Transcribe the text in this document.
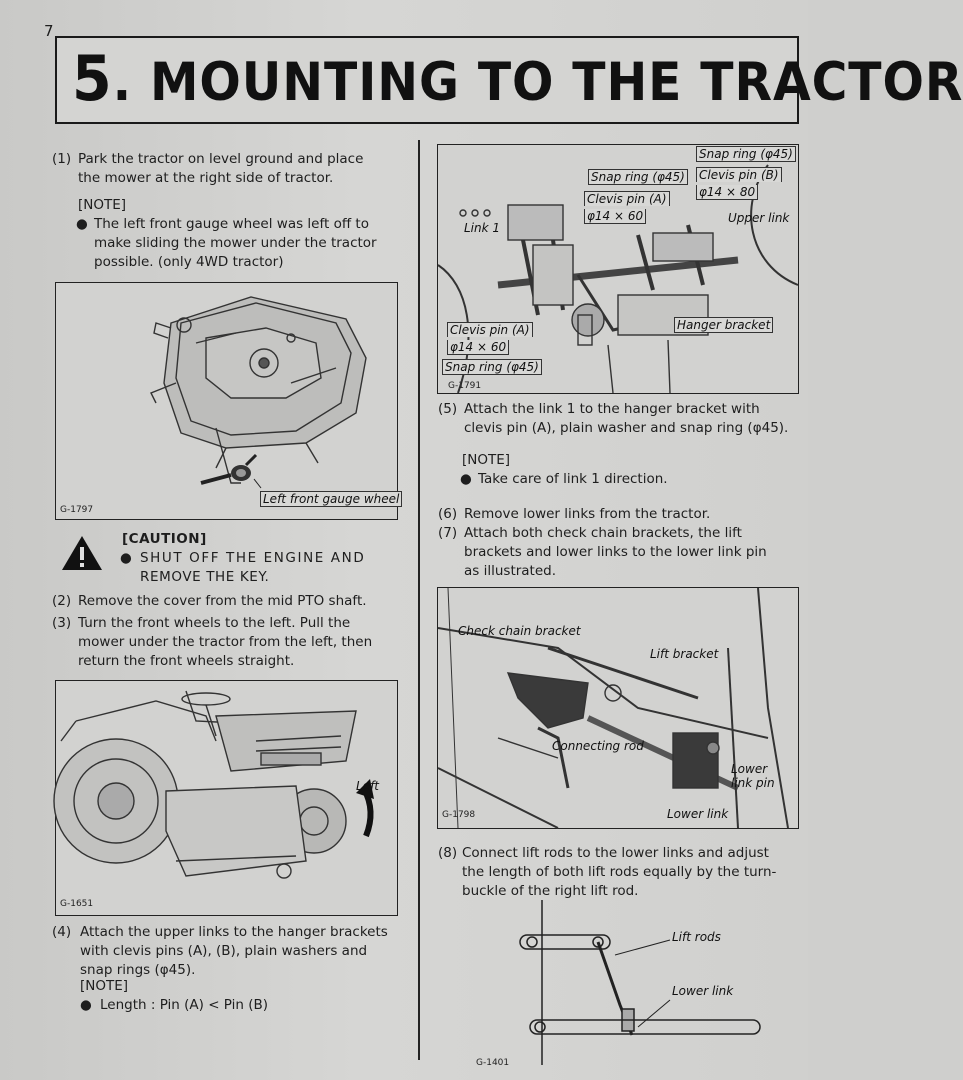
7
5. MOUNTING TO THE TRACTOR
(1) Park the tractor on level ground and place
the mower at the right side of tractor.
[NOTE]
● The left front gauge wheel was left off to
make sliding the mower under the tractor
possible. (only 4WD tractor)
Left front gauge wheel
G-1797
[CAUTION]
● SHUT OFF THE ENGINE AND
REMOVE THE KEY.
(2) Remove the cover from the mid PTO shaft.
(3) Turn the front wheels to the left. Pull the
mower under the tractor from the left, then
return the front wheels straight.
Left
G-1651
(4) Attach the upper links to the hanger brackets
with clevis pins (A), (B), plain washers and
snap rings (φ45).
[NOTE]
● Length : Pin (A) < Pin (B)
Snap ring (φ45)
Snap ring (φ45) Clevis pin (B)
φ14 × 80
Clevis pin (A)
φ14 × 60	Upper link
Link 1
Clevis pin (A)
φ14 × 60
Snap ring (φ45)
Hanger bracket
G-1791
(5) Attach the link 1 to the hanger bracket with
clevis pin (A), plain washer and snap ring (φ45).
[NOTE]
● Take care of link 1 direction.
(6) Remove lower links from the tractor.
(7) Attach both check chain brackets, the lift
brackets and lower links to the lower link pin
as illustrated.
Check chain bracket
Lift bracket
Connecting rod
Lower
link pin
Lower link
G-1798
(8) Connect lift rods to the lower links and adjust
the length of both lift rods equally by the turn-
buckle of the right lift rod.
Lift rods
Lower link
G-1401
